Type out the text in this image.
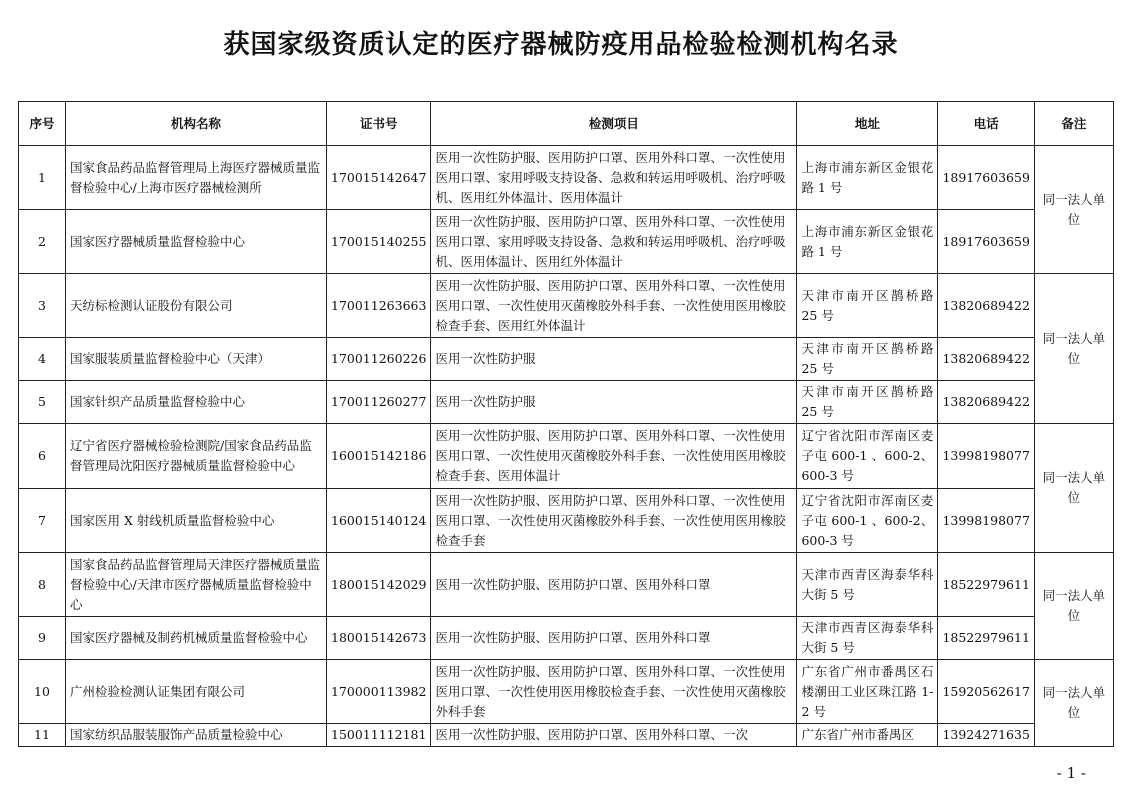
获国家级资质认定的医疗器械防疫用品检验检测机构名录
序号	机构名称	证书号	检测项目	地址	电话	备注
1	国家食品药品监督管理局上海医疗器械质量监督检验中心/上海市医疗器械检测所	170015142647	医用一次性防护服、医用防护口罩、医用外科口罩、一次性使用医用口罩、家用呼吸支持设备、急救和转运用呼吸机、治疗呼吸机、医用红外体温计、医用体温计	上海市浦东新区金银花路 1 号	18917603659	同一法人单位
2	国家医疗器械质量监督检验中心	170015140255	医用一次性防护服、医用防护口罩、医用外科口罩、一次性使用医用口罩、家用呼吸支持设备、急救和转运用呼吸机、治疗呼吸机、医用体温计、医用红外体温计	上海市浦东新区金银花路 1 号	18917603659	
3	天纺标检测认证股份有限公司	170011263663	医用一次性防护服、医用防护口罩、医用外科口罩、一次性使用医用口罩、一次性使用灭菌橡胶外科手套、一次性使用医用橡胶检查手套、医用红外体温计	天津市南开区鹊桥路 25 号	13820689422	同一法人单位
4	国家服装质量监督检验中心（天津）	170011260226	医用一次性防护服	天津市南开区鹊桥路 25 号	13820689422	
5	国家针织产品质量监督检验中心	170011260277	医用一次性防护服	天津市南开区鹊桥路 25 号	13820689422	
6	辽宁省医疗器械检验检测院/国家食品药品监督管理局沈阳医疗器械质量监督检验中心	160015142186	医用一次性防护服、医用防护口罩、医用外科口罩、一次性使用医用口罩、一次性使用灭菌橡胶外科手套、一次性使用医用橡胶检查手套、医用体温计	辽宁省沈阳市浑南区麦子屯 600-1 、600-2、600-3 号	13998198077	同一法人单位
7	国家医用 X 射线机质量监督检验中心	160015140124	医用一次性防护服、医用防护口罩、医用外科口罩、一次性使用医用口罩、一次性使用灭菌橡胶外科手套、一次性使用医用橡胶检查手套	辽宁省沈阳市浑南区麦子屯 600-1 、600-2、600-3 号	13998198077	
8	国家食品药品监督管理局天津医疗器械质量监督检验中心/天津市医疗器械质量监督检验中心	180015142029	医用一次性防护服、医用防护口罩、医用外科口罩	天津市西青区海泰华科大街 5 号	18522979611	同一法人单位
9	国家医疗器械及制药机械质量监督检验中心	180015142673	医用一次性防护服、医用防护口罩、医用外科口罩	天津市西青区海泰华科大街 5 号	18522979611	
10	广州检验检测认证集团有限公司	170000113982	医用一次性防护服、医用防护口罩、医用外科口罩、一次性使用医用口罩、一次性使用医用橡胶检查手套、一次性使用灭菌橡胶外科手套	广东省广州市番禺区石楼潮田工业区珠江路 1-2 号	15920562617	同一法人单位
11	国家纺织品服装服饰产品质量检验中心	150011112181	医用一次性防护服、医用防护口罩、医用外科口罩、一次	广东省广州市番禺区	13924271635	
- 1 -
